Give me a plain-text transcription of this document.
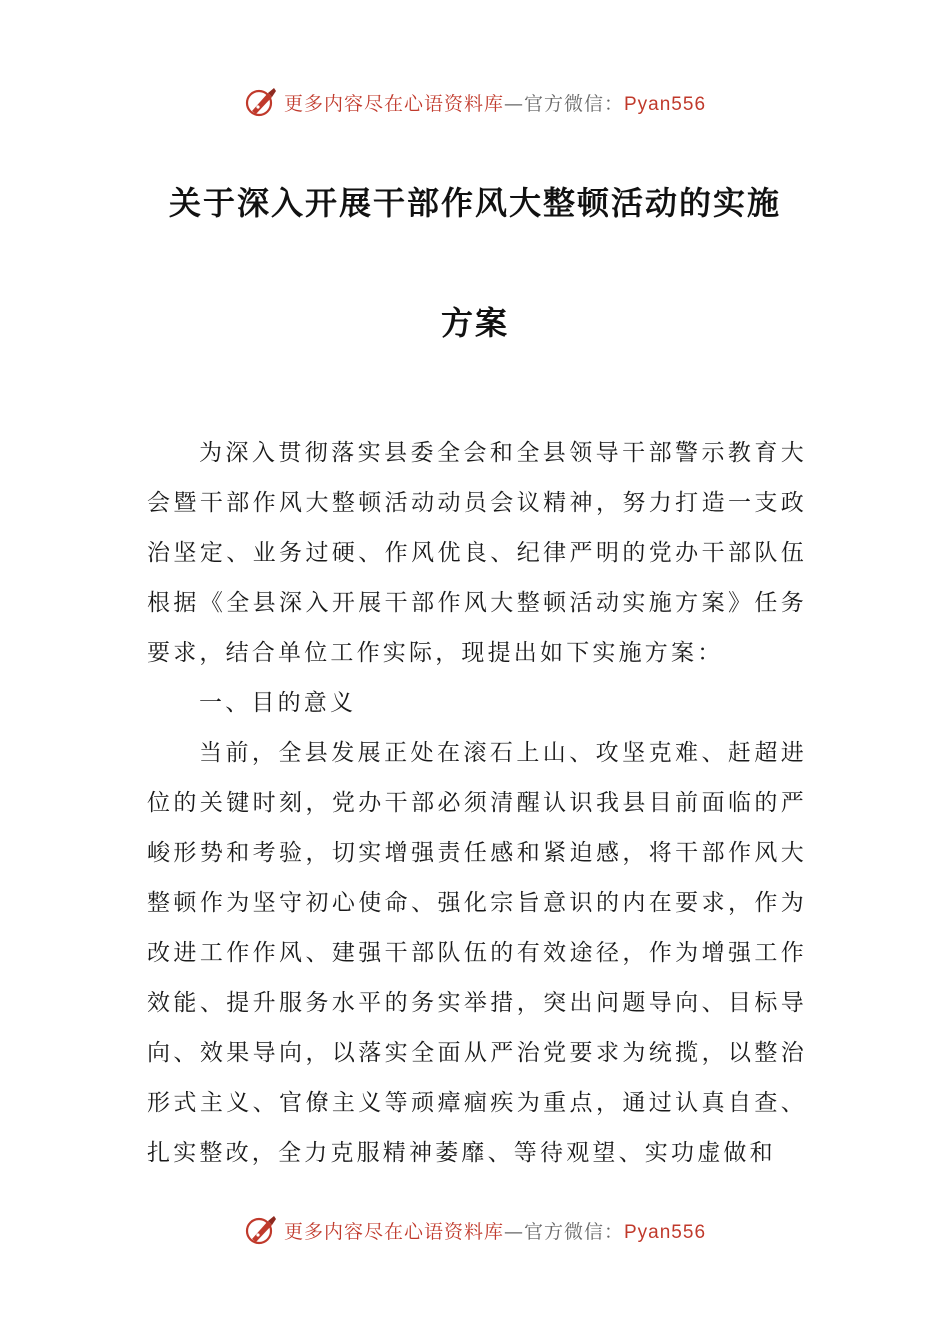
更多内容尽在心语资料库—官方微信：Pyan556
关于深入开展干部作风大整顿活动的实施
方案

为深入贯彻落实县委全会和全县领导干部警示教育大会暨干部作风大整顿活动动员会议精神，努力打造一支政治坚定、业务过硬、作风优良、纪律严明的党办干部队伍根据《全县深入开展干部作风大整顿活动实施方案》任务要求，结合单位工作实际，现提出如下实施方案：

一、目的意义

当前，全县发展正处在滚石上山、攻坚克难、赶超进位的关键时刻，党办干部必须清醒认识我县目前面临的严峻形势和考验，切实增强责任感和紧迫感，将干部作风大整顿作为坚守初心使命、强化宗旨意识的内在要求，作为改进工作作风、建强干部队伍的有效途径，作为增强工作效能、提升服务水平的务实举措，突出问题导向、目标导向、效果导向，以落实全面从严治党要求为统揽，以整治形式主义、官僚主义等顽瘴痼疾为重点，通过认真自查、扎实整改，全力克服精神萎靡、等待观望、实功虚做和

更多内容尽在心语资料库—官方微信：Pyan556
